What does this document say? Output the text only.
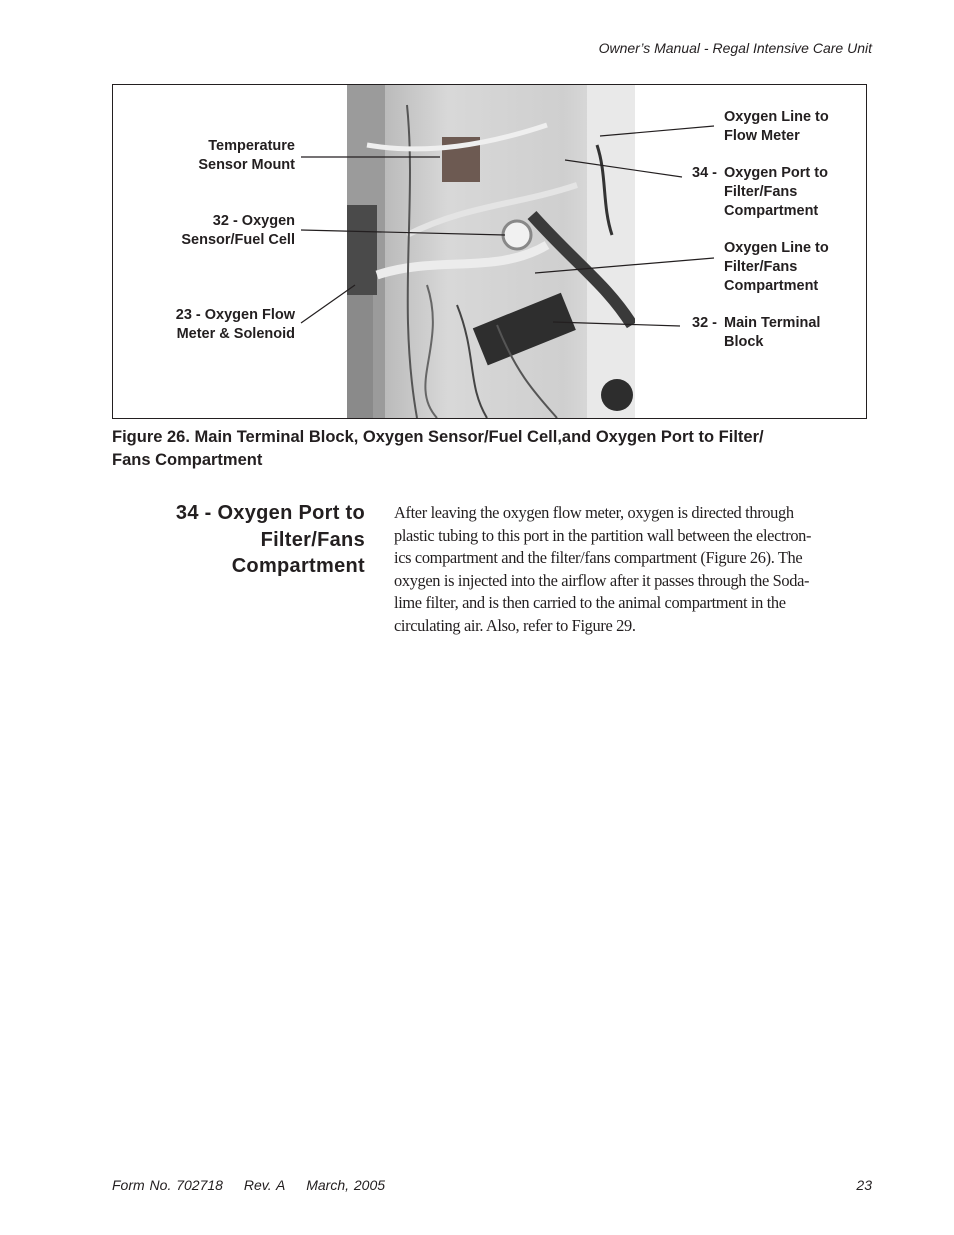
Owner’s Manual - Regal Intensive Care Unit
Temperature
Sensor Mount
32 - Oxygen
Sensor/Fuel Cell
23 - Oxygen Flow
Meter & Solenoid
Oxygen Line to
Flow Meter
34 - Oxygen Port to
Filter/Fans
Compartment
Oxygen Line to
Filter/Fans
Compartment
32 - Main Terminal
Block
Figure 26. Main Terminal Block, Oxygen Sensor/Fuel Cell,and Oxygen Port to Filter/
Fans Compartment
34 - Oxygen Port to
Filter/Fans
Compartment
After leaving the oxygen flow meter, oxygen is directed through
plastic tubing to this port in the partition wall between the electron-
ics compartment and the filter/fans compartment (Figure 26). The
oxygen is injected into the airflow after it passes through the Soda-
lime filter, and is then carried to the animal compartment in the
circulating air. Also, refer to Figure 29.
Form No. 702718 Rev. A March, 2005	23
